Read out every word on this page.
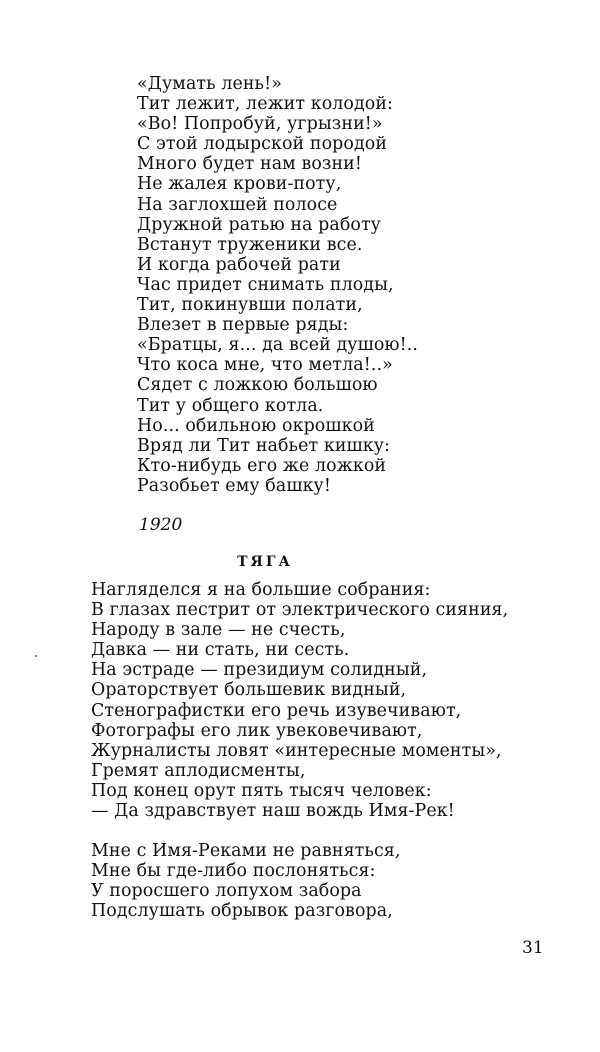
«Думать лень!»
Тит лежит, лежит колодой:
«Во! Попробуй, угрызни!»
С этой лодырской породой
Много будет нам возни!
Не жалея крови-поту,
На заглохшей полосе
Дружной ратью на работу
Встанут труженики все.
И когда рабочей рати
Час придет снимать плоды,
Тит, покинувши полати,
Влезет в первые ряды:
«Братцы, я... да всей душою!..
Что коса мне, что метла!..»
Сядет с ложкою большою
Тит у общего котла.
Но... обильною окрошкой
Вряд ли Тит набьет кишку:
Кто-нибудь его же ложкой
Разобьет ему башку!
1920
ТЯГА
Нагляделся я на большие собрания:
В глазах пестрит от электрического сияния,
Народу в зале — не счесть,
Давка — ни стать, ни сесть.
На эстраде — президиум солидный,
Ораторствует большевик видный,
Стенографистки его речь изувечивают,
Фотографы его лик увековечивают,
Журналисты ловят «интересные моменты»,
Гремят аплодисменты,
Под конец орут пять тысяч человек:
— Да здравствует наш вождь Имя-Рек!
Мне с Имя-Реками не равняться,
Мне бы где-либо послоняться:
У поросшего лопухом забора
Подслушать обрывок разговора,
31
